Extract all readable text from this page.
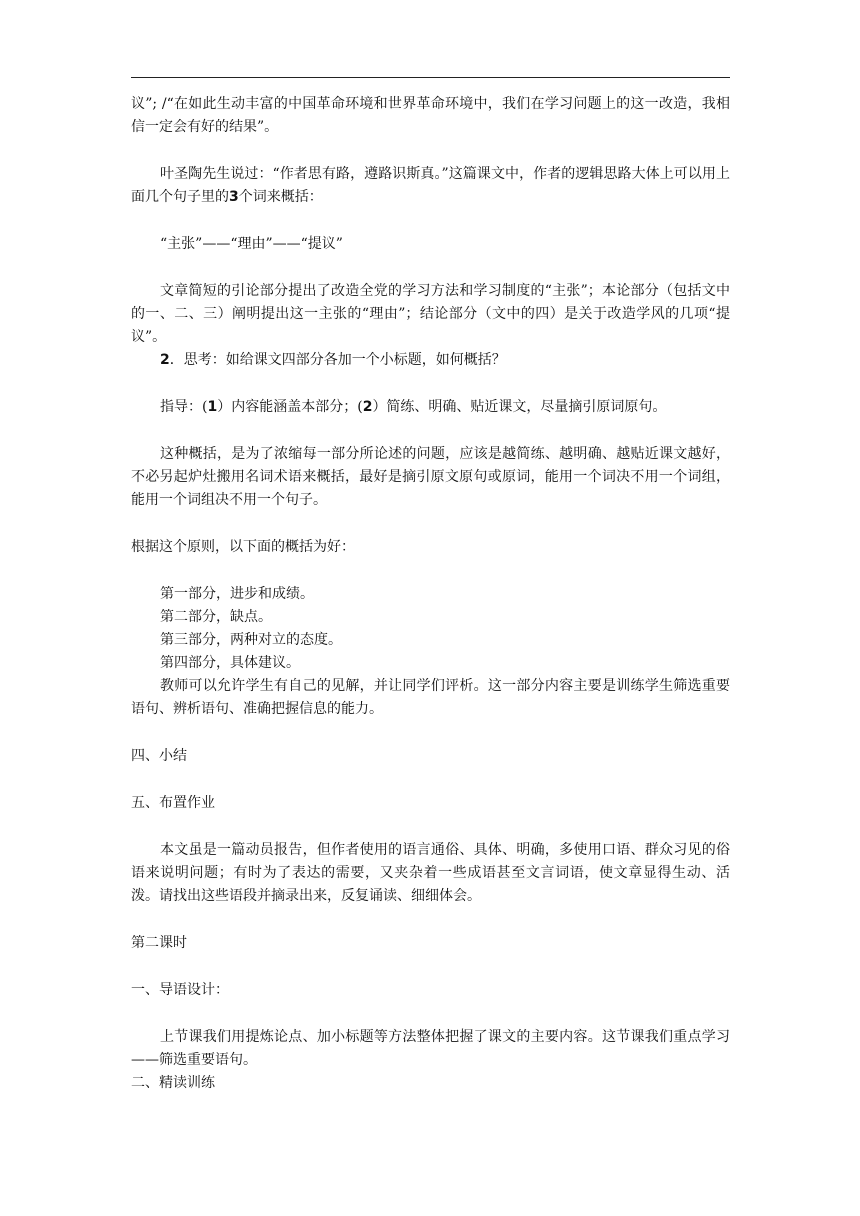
议”; /“在如此生动丰富的中国革命环境和世界革命环境中，我们在学习问题上的这一改造，我相信一定会有好的结果”。

叶圣陶先生说过：“作者思有路，遵路识斯真。”这篇课文中，作者的逻辑思路大体上可以用上面几个句子里的3个词来概括：

“主张”——“理由”——“提议”

文章简短的引论部分提出了改造全党的学习方法和学习制度的“主张”；本论部分（包括文中的一、二、三）阐明提出这一主张的“理由”；结论部分（文中的四）是关于改造学风的几项“提议”。

2．思考：如给课文四部分各加一个小标题，如何概括？

指导：(1）内容能涵盖本部分；(2）简练、明确、贴近课文，尽量摘引原词原句。

这种概括，是为了浓缩每一部分所论述的问题，应该是越简练、越明确、越贴近课文越好，不必另起炉灶搬用名词术语来概括，最好是摘引原文原句或原词，能用一个词决不用一个词组，能用一个词组决不用一个句子。

根据这个原则，以下面的概括为好：

第一部分，进步和成绩。

第二部分，缺点。

第三部分，两种对立的态度。

第四部分，具体建议。

教师可以允许学生有自己的见解，并让同学们评析。这一部分内容主要是训练学生筛选重要语句、辨析语句、准确把握信息的能力。

四、小结

五、布置作业

本文虽是一篇动员报告，但作者使用的语言通俗、具体、明确，多使用口语、群众习见的俗语来说明问题；有时为了表达的需要，又夹杂着一些成语甚至文言词语，使文章显得生动、活泼。请找出这些语段并摘录出来，反复诵读、细细体会。

第二课时

一、导语设计：

上节课我们用提炼论点、加小标题等方法整体把握了课文的主要内容。这节课我们重点学习——筛选重要语句。

二、精读训练
